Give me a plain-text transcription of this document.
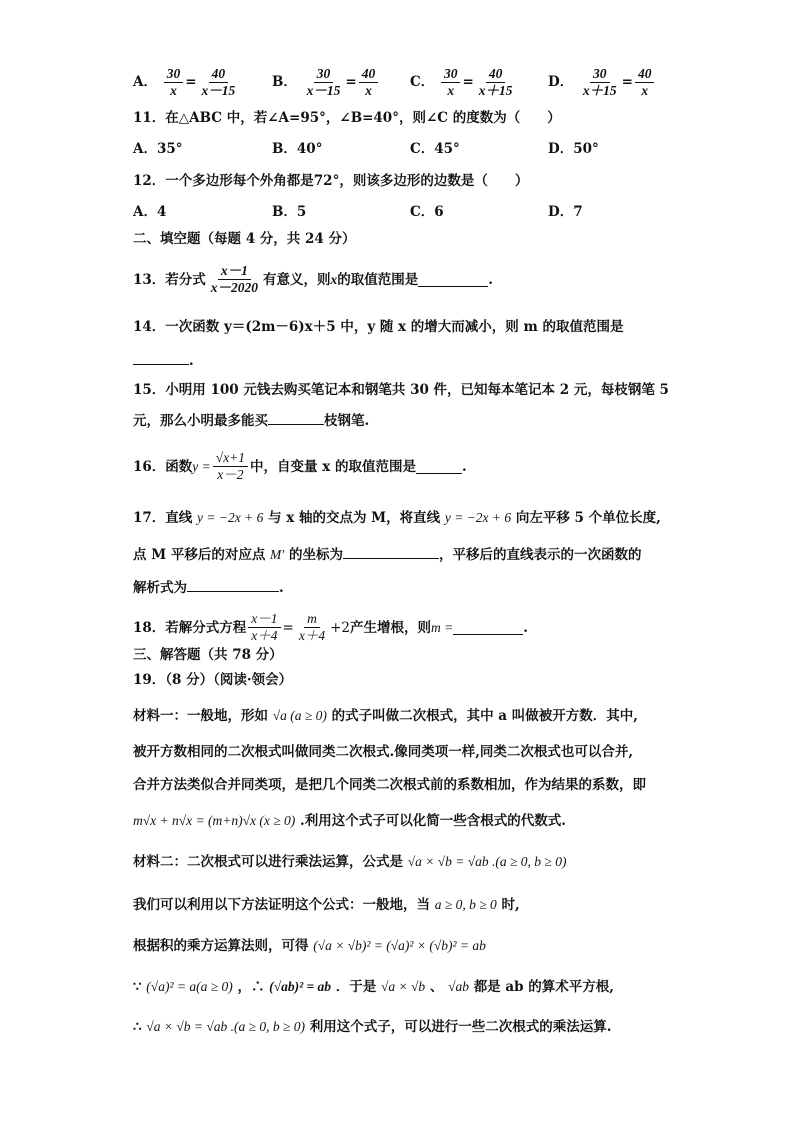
A． $\frac{30}{x} = \frac{40}{x-15}$	B． $\frac{30}{x-15} = \frac{40}{x}$ C． $\frac{30}{x} = \frac{40}{x+15}$ D． $\frac{30}{x+15} = \frac{40}{x}$
11．在△ABC 中，若∠A=95°，∠B=40°，则∠C 的度数为（　　）
A．35°	B．40°	C．45°	D．50°
12．一个多边形每个外角都是72°，则该多边形的边数是（　　）
A．4	B．5	C．6	D．7
二、填空题（每题 4 分，共 24 分）
13．若分式 $\frac{x-1}{x-2020}$ 有意义，则 x 的取值范围是	.
14．一次函数 y＝(2m－6)x＋5 中，y 随 x 的增大而减小，则 m 的取值范围是
.
15．小明用 100 元钱去购买笔记本和钢笔共 30 件，已知每本笔记本 2 元，每枝钢笔 5
元，那么小明最多能买	枝钢笔.
16．函数 $y = \frac{√x+1}{x-2}$ 中，自变量 x 的取值范围是	.
17．直线 y = −2x + 6 与 x 轴的交点为 M，将直线 y = −2x + 6 向左平移 5 个单位长度,
点 M 平移后的对应点 M′ 的坐标为	，平移后的直线表示的一次函数的
解析式为	.
18．若解分式方程 $\frac{x-1}{x+4} = \frac{m}{x+4} +2$ 产生增根，则 m =	.
三、解答题（共 78 分）
19．（8 分）（阅读·领会）
材料一：一般地，形如 √a (a ≥ 0) 的式子叫做二次根式，其中 a 叫做被开方数．其中,
被开方数相同的二次根式叫做同类二次根式.像同类项一样,同类二次根式也可以合并,
合并方法类似合并同类项，是把几个同类二次根式前的系数相加，作为结果的系数，即
m√x + n√x = (m+n)√x (x ≥ 0) .利用这个式子可以化简一些含根式的代数式.
材料二：二次根式可以进行乘法运算，公式是 √a × √b = √ab .(a ≥ 0, b ≥ 0)
我们可以利用以下方法证明这个公式：一般地，当 a ≥ 0, b ≥ 0 时,
根据积的乘方运算法则，可得 (√a × √b)² = (√a)² × (√b)² = ab
∵ (√a)² = a(a ≥ 0) ，∴ (√ab)² = ab ．于是 √a × √b 、 √ab 都是 ab 的算术平方根,
∴ √a × √b = √ab .(a ≥ 0, b ≥ 0) 利用这个式子，可以进行一些二次根式的乘法运算.
